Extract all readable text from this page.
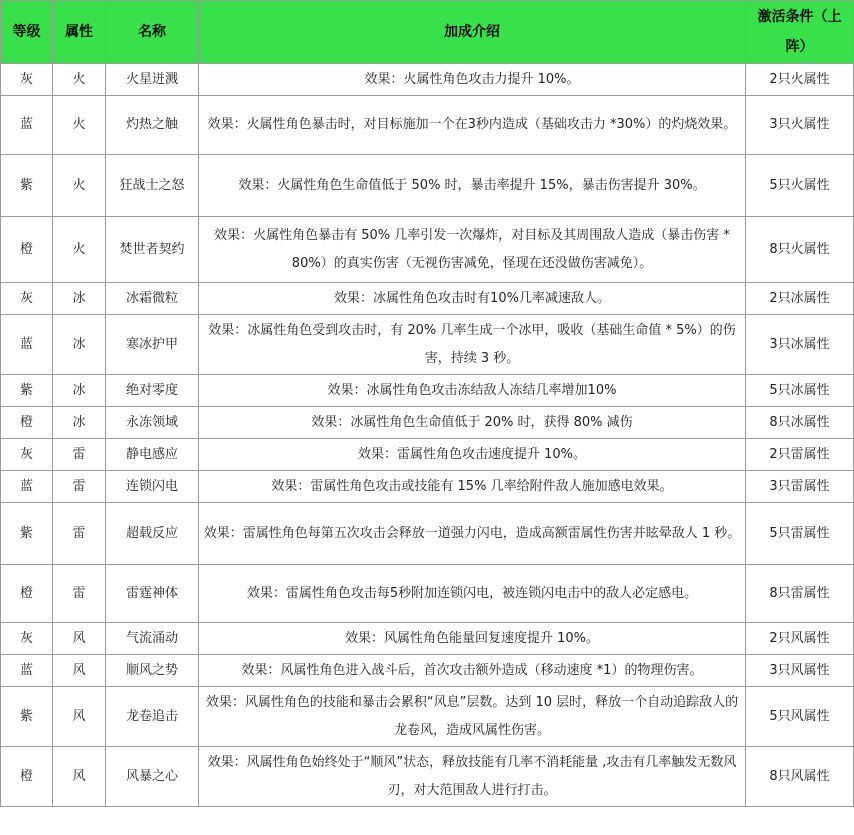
等级	属性	名称	加成介绍	激活条件（上阵）
灰	火	火星迸溅	效果：火属性角色攻击力提升 10%。	2只火属性
蓝	火	灼热之触	效果：火属性角色暴击时，对目标施加一个在3秒内造成（基础攻击力 *30%）的灼烧效果。	3只火属性
紫	火	狂战士之怒	效果：火属性角色生命值低于 50% 时，暴击率提升 15%，暴击伤害提升 30%。	5只火属性
橙	火	焚世者契约	效果：火属性角色暴击有 50% 几率引发一次爆炸，对目标及其周围敌人造成（暴击伤害 * 80%）的真实伤害（无视伤害减免，怪现在还没做伤害减免）。	8只火属性
灰	冰	冰霜微粒	效果：冰属性角色攻击时有10%几率减速敌人。	2只冰属性
蓝	冰	寒冰护甲	效果：冰属性角色受到攻击时，有 20% 几率生成一个冰甲，吸收（基础生命值 * 5%）的伤害，持续 3 秒。	3只冰属性
紫	冰	绝对零度	效果：冰属性角色攻击冻结敌人冻结几率增加10%	5只冰属性
橙	冰	永冻领域	效果：冰属性角色生命值低于 20% 时，获得 80% 减伤	8只冰属性
灰	雷	静电感应	效果：雷属性角色攻击速度提升 10%。	2只雷属性
蓝	雷	连锁闪电	效果：雷属性角色攻击或技能有 15% 几率给附件敌人施加感电效果。	3只雷属性
紫	雷	超载反应	效果：雷属性角色每第五次攻击会释放一道强力闪电，造成高额雷属性伤害并眩晕敌人 1 秒。	5只雷属性
橙	雷	雷霆神体	效果：雷属性角色攻击每5秒附加连锁闪电，被连锁闪电击中的敌人必定感电。	8只雷属性
灰	风	气流涌动	效果：风属性角色能量回复速度提升 10%。	2只风属性
蓝	风	顺风之势	效果：风属性角色进入战斗后，首次攻击额外造成（移动速度 *1）的物理伤害。	3只风属性
紫	风	龙卷追击	效果：风属性角色的技能和暴击会累积“风息”层数。达到 10 层时，释放一个自动追踪敌人的龙卷风，造成风属性伤害。	5只风属性
橙	风	风暴之心	效果：风属性角色始终处于“顺风”状态，释放技能有几率不消耗能量 ,攻击有几率触发无数风刃，对大范围敌人进行打击。	8只风属性
